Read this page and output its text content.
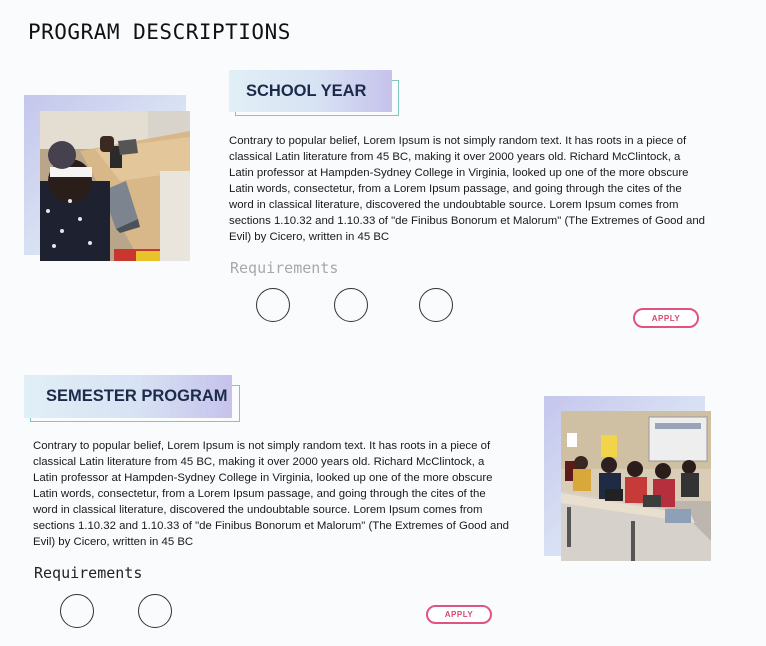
PROGRAM DESCRIPTIONS
SCHOOL YEAR

Contrary to popular belief, Lorem Ipsum is not simply random text. It has roots in a piece of classical Latin literature from 45 BC, making it over 2000 years old. Richard McClintock, a Latin professor at Hampden-Sydney College in Virginia, looked up one of the more obscure Latin words, consectetur, from a Lorem Ipsum passage, and going through the cites of the word in classical literature, discovered the undoubtable source. Lorem Ipsum comes from sections 1.10.32 and 1.10.33 of "de Finibus Bonorum et Malorum" (The Extremes of Good and Evil) by Cicero, written in 45 BC

Requirements
APPLY
SEMESTER PROGRAM

Contrary to popular belief, Lorem Ipsum is not simply random text. It has roots in a piece of classical Latin literature from 45 BC, making it over 2000 years old. Richard McClintock, a Latin professor at Hampden-Sydney College in Virginia, looked up one of the more obscure Latin words, consectetur, from a Lorem Ipsum passage, and going through the cites of the word in classical literature, discovered the undoubtable source. Lorem Ipsum comes from sections 1.10.32 and 1.10.33 of "de Finibus Bonorum et Malorum" (The Extremes of Good and Evil) by Cicero, written in 45 BC

Requirements
APPLY
